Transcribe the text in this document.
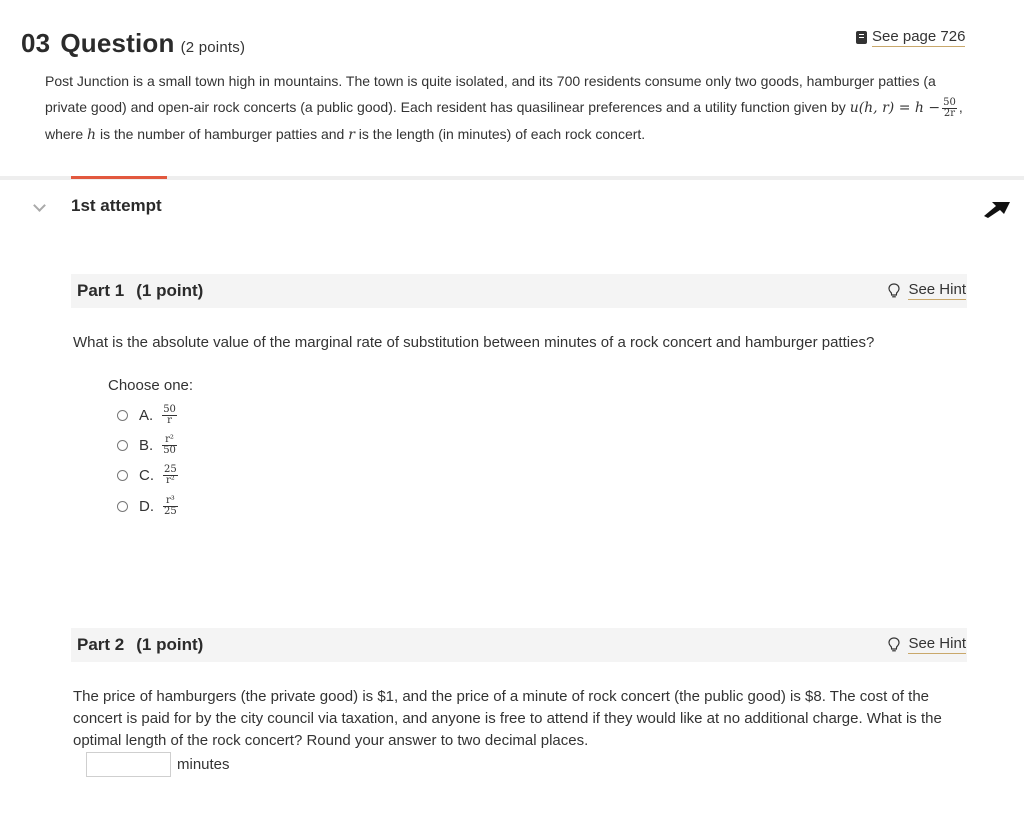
03 Question (2 points)
See page 726
Post Junction is a small town high in mountains. The town is quite isolated, and its 700 residents consume only two goods, hamburger patties (a private good) and open-air rock concerts (a public good). Each resident has quasilinear preferences and a utility function given by u(h, $r) = h - \frac{50}{2r}$ ,
where h is the number of hamburger patties and r is the length (in minutes) of each rock concert.
1st attempt
Part 1 (1 point)	See Hint
What is the absolute value of the marginal rate of substitution between minutes of a rock concert and hamburger patties?
Choose one:
A. $\frac{50}{r}$
B. $\frac{\text{r²}}{50}$
C. $\frac{25}{\text{r²}}$
D. $\frac{\text{r³}}{25}$
Part 2 (1 point)	See Hint
The price of hamburgers (the private good) is $1, and the price of a minute of rock concert (the public good) is $8. The cost of the concert is paid for by the city council via taxation, and anyone is free to attend if they would like at no additional charge. What is the optimal length of the rock concert? Round your answer to two decimal places.
minutes
